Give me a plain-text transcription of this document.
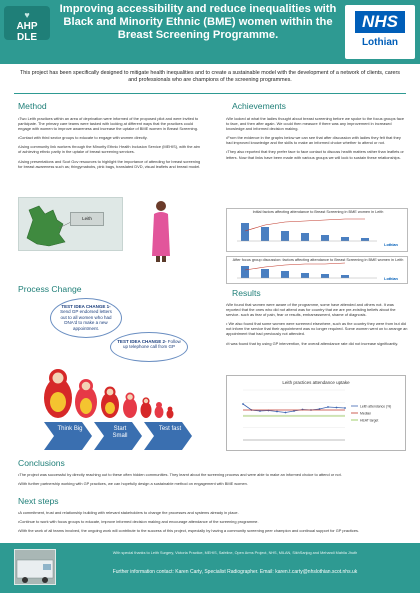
♥
AHP
DLE
Improving accessibility and reduce inequalities with Black and Minority Ethnic (BME) women within the Breast Screening Programme.
NHS
Lothian
This project has been specifically designed to mitigate health inequalities and to create a sustainable model with the development of a network of clients, carers and professionals who are champions of the screening programmes.
Method

•Two Leith practices within an area of deprivation were informed of the proposed pilot and were invited to participate. The primary care teams were tasked with looking at different ways that the practices could engage with women to improve awareness and increase the uptake of BME women in Breast Screening.

•Contact with third sector groups to educate to engage with women directly.

•Using community link workers through the Minority Ethnic Health Inclusion Service (MEHIS), with the aim of achieving ethnic parity in the uptake of breast screening services.

•Using presentations and Scot Gov resources to highlight the importance of attending for breast screening for breast awareness such as; thingymabobs, pink bags, translated DVD, visual leaflets and breast model.

Leith
Achievements

•We looked at what the ladies thought about breast screening before we spoke to the focus groups face to face, and then after again. We could then measure if there was any improvement in increased knowledge and informed decision making.

•From the evidence in the graphs below we can see that after discussion with ladies they felt that they had improved knowledge and the skills to make an informed choice whether to attend or not.

•They also reported that they prefer face to face contact to discuss health matters rather than leaflets or letters. Now that links have been made with various groups we will look to sustain these relationships.

Initial factors affecting attendance to Breast Screening in BME women in Leith
Lothian
After focus group discussion: factors affecting attendance to Breast Screening in BME women in Leith
Lothian
Process Change
TEST IDEA CHANGE 1-
Send GP endorsed letters out to all women who had DNA'd to make a new appointment.
TEST IDEA CHANGE 2- Follow up telephone call from GP
Think Big	Start Small
Test fast
Results

•We found that women were aware of the programme, some have attended and others not. It was reported that the ones who did not attend was for country that we are pre-existing beliefs about the service- such as fear of pain, fear or results, embarrassment, shame of diagnosis.

• We also found that some women were screened elsewhere, such as the country they were from but did not inform the service that their appointment was no longer required. Some women went on to arrange an appointment that had previously not attended.

•It was found that by using GP intervention, the overall attendance rate did not increase significantly.

Leith practices attendance uptake
Leith attendance (%)
Median
HEAT target
Conclusions

•The project was successful by directly reaching out to these often hidden communities. They learnt about the screening process and were able to make an informed choice to attend or not.

•With further partnership working with GP practices, we can hopefully design a sustainable method on engagement with BME women.

Next steps

•A commitment, trust and relationship building with relevant stakeholders to change the processes and systems already in place.

•Continue to work with focus groups to educate, improve informed decision making and encourage attendance of the screening programme.

•With the work of all teams involved, the ongoing work will contribute to the success of this project, especially by having a community screening peer champion and continual support for GP practices.

With special thanks to Leith Surgery, Victoria Practice, MEHIS, Safeline, Open Arms Project, NHS, MILAN, SikhSanjog and Mehandi Mahila Jhuth
Further information contact: Karen Carty, Specialist Radiographer. Email: karen.t.carty@nhslothian.scot.nhs.uk
